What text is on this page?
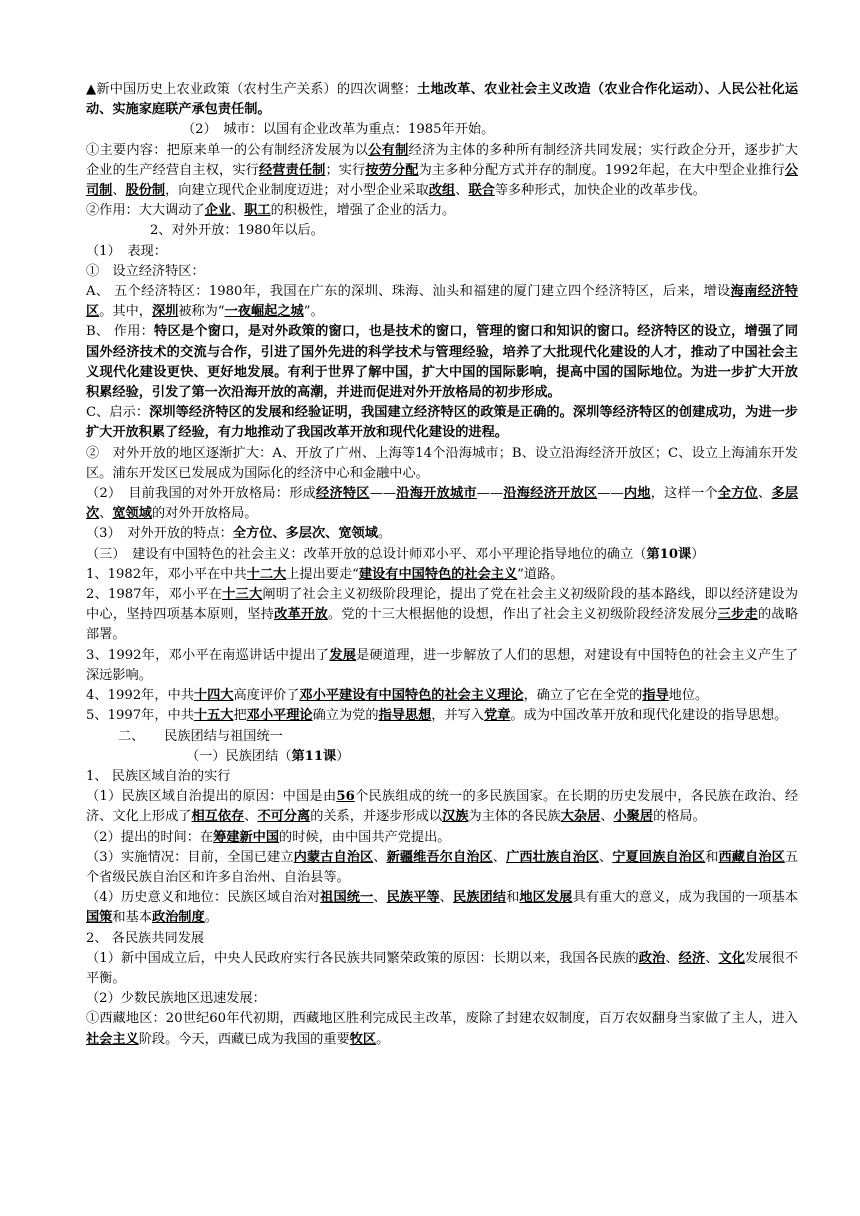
▲新中国历史上农业政策（农村生产关系）的四次调整：土地改革、农业社会主义改造（农业合作化运动）、人民公社化运动、实施家庭联产承包责任制。
（2）　城市：以国有企业改革为重点：1985年开始。
①主要内容：把原来单一的公有制经济发展为以公有制经济为主体的多种所有制经济共同发展；实行政企分开，逐步扩大企业的生产经营自主权，实行经营责任制；实行按劳分配为主多种分配方式并存的制度。1992年起，在大中型企业推行公司制、股份制，向建立现代企业制度迈进；对小型企业采取改组、联合等多种形式，加快企业的改革步伐。
②作用：大大调动了企业、职工的积极性，增强了企业的活力。
2、对外开放：1980年以后。
（1）　表现：
①　设立经济特区：
A、 五个经济特区：1980年，我国在广东的深圳、珠海、汕头和福建的厦门建立四个经济特区，后来，增设海南经济特区。其中，深圳被称为“一夜崛起之城”。
B、 作用：特区是个窗口，是对外政策的窗口，也是技术的窗口，管理的窗口和知识的窗口。经济特区的设立，增强了同国外经济技术的交流与合作，引进了国外先进的科学技术与管理经验，培养了大批现代化建设的人才，推动了中国社会主义现代化建设更快、更好地发展。有利于世界了解中国，扩大中国的国际影响，提高中国的国际地位。为进一步扩大开放积累经验，引发了第一次沿海开放的高潮，并进而促进对外开放格局的初步形成。
C、启示：深圳等经济特区的发展和经验证明，我国建立经济特区的政策是正确的。深圳等经济特区的创建成功，为进一步扩大开放积累了经验，有力地推动了我国改革开放和现代化建设的进程。
②　对外开放的地区逐渐扩大：A、开放了广州、上海等14个沿海城市；B、设立沿海经济开放区；C、设立上海浦东开发区。浦东开发区已发展成为国际化的经济中心和金融中心。
（2）　目前我国的对外开放格局：形成经济特区——沿海开放城市——沿海经济开放区——内地，这样一个全方位、多层次、宽领域的对外开放格局。
（3）　对外开放的特点：全方位、多层次、宽领域。
（三）　建设有中国特色的社会主义：改革开放的总设计师邓小平、邓小平理论指导地位的确立（第10课）
1、1982年，邓小平在中共十二大上提出要走“建设有中国特色的社会主义”道路。
2、1987年，邓小平在十三大阐明了社会主义初级阶段理论，提出了党在社会主义初级阶段的基本路线，即以经济建设为中心，坚持四项基本原则，坚持改革开放。党的十三大根据他的设想，作出了社会主义初级阶段经济发展分三步走的战略部署。
3、1992年，邓小平在南巡讲话中提出了发展是硬道理，进一步解放了人们的思想，对建设有中国特色的社会主义产生了深远影响。
4、1992年，中共十四大高度评价了邓小平建设有中国特色的社会主义理论，确立了它在全党的指导地位。
5、1997年，中共十五大把邓小平理论确立为党的指导思想，并写入党章。成为中国改革开放和现代化建设的指导思想。
二、　　民族团结与祖国统一
（一）民族团结（第11课）
1、 民族区域自治的实行
（1）民族区域自治提出的原因：中国是由56个民族组成的统一的多民族国家。在长期的历史发展中，各民族在政治、经济、文化上形成了相互依存、不可分离的关系，并逐步形成以汉族为主体的各民族大杂居、小聚居的格局。
（2）提出的时间：在筹建新中国的时候，由中国共产党提出。
（3）实施情况：目前，全国已建立内蒙古自治区、新疆维吾尔自治区、广西壮族自治区、宁夏回族自治区和西藏自治区五个省级民族自治区和许多自治州、自治县等。
（4）历史意义和地位：民族区域自治对祖国统一、民族平等、民族团结和地区发展具有重大的意义，成为我国的一项基本国策和基本政治制度。
2、 各民族共同发展
（1）新中国成立后，中央人民政府实行各民族共同繁荣政策的原因：长期以来，我国各民族的政治、经济、文化发展很不平衡。
（2）少数民族地区迅速发展：
①西藏地区：20世纪60年代初期，西藏地区胜利完成民主改革，废除了封建农奴制度，百万农奴翻身当家做了主人，进入社会主义阶段。今天，西藏已成为我国的重要牧区。
